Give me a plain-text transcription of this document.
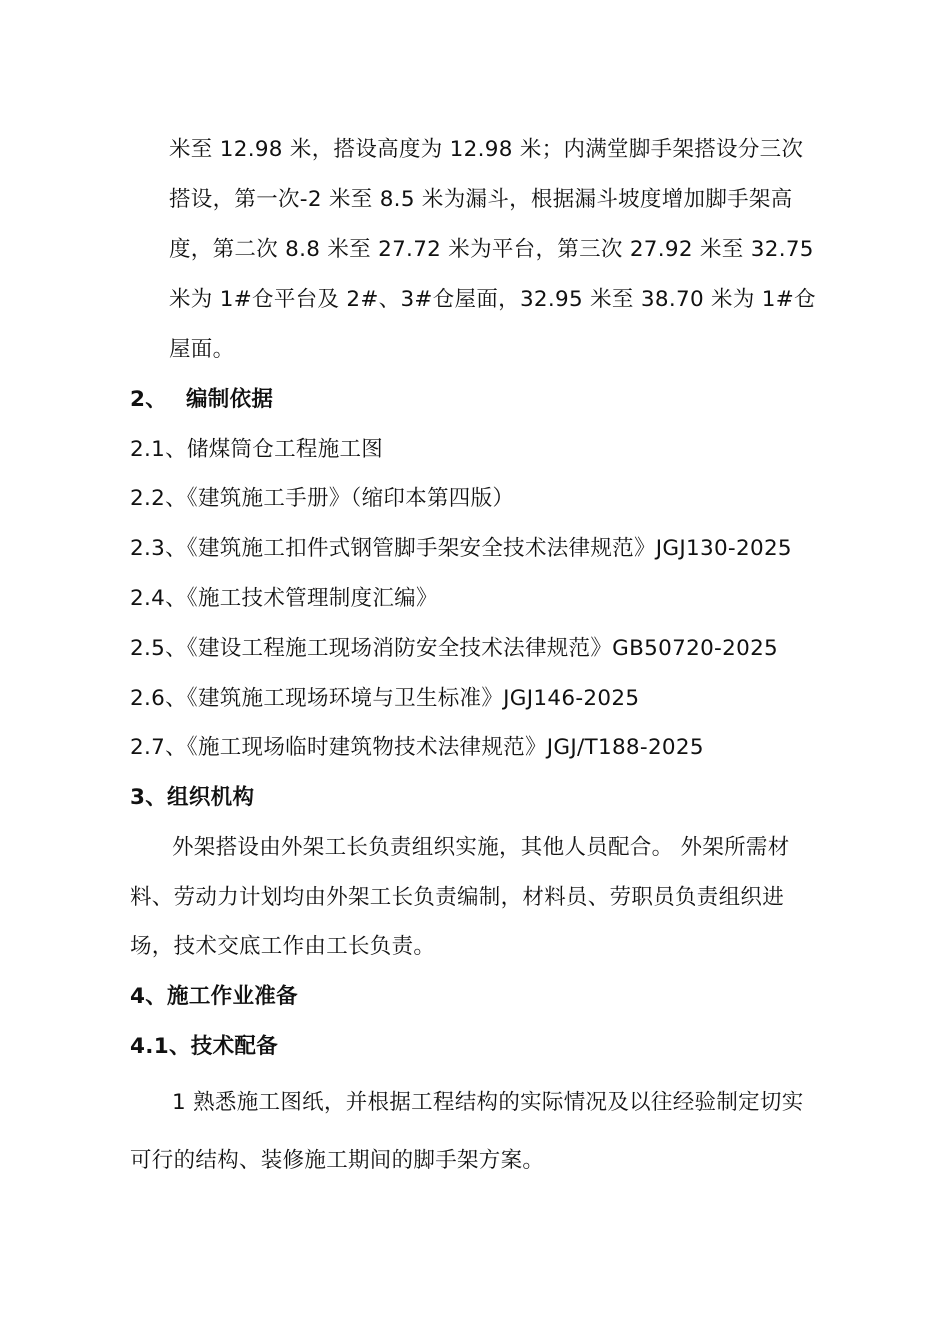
米至 12.98 米，搭设高度为 12.98 米；内满堂脚手架搭设分三次
搭设，第一次-2 米至 8.5 米为漏斗，根据漏斗坡度增加脚手架高
度，第二次 8.8 米至 27.72 米为平台，第三次 27.92 米至 32.75
米为 1#仓平台及 2#、3#仓屋面，32.95 米至 38.70 米为 1#仓
屋面。
2、 编制依据
2.1、储煤筒仓工程施工图
2.2、《建筑施工手册》（缩印本第四版）
2.3、《建筑施工扣件式钢管脚手架安全技术法律规范》JGJ130-2025
2.4、《施工技术管理制度汇编》
2.5、《建设工程施工现场消防安全技术法律规范》GB50720-2025
2.6、《建筑施工现场环境与卫生标准》JGJ146-2025
2.7、《施工现场临时建筑物技术法律规范》JGJ/T188-2025
3、组织机构
外架搭设由外架工长负责组织实施，其他人员配合。 外架所需材
料、劳动力计划均由外架工长负责编制，材料员、劳职员负责组织进
场，技术交底工作由工长负责。
4、施工作业准备
4.1、技术配备
1 熟悉施工图纸，并根据工程结构的实际情况及以往经验制定切实
可行的结构、装修施工期间的脚手架方案。
